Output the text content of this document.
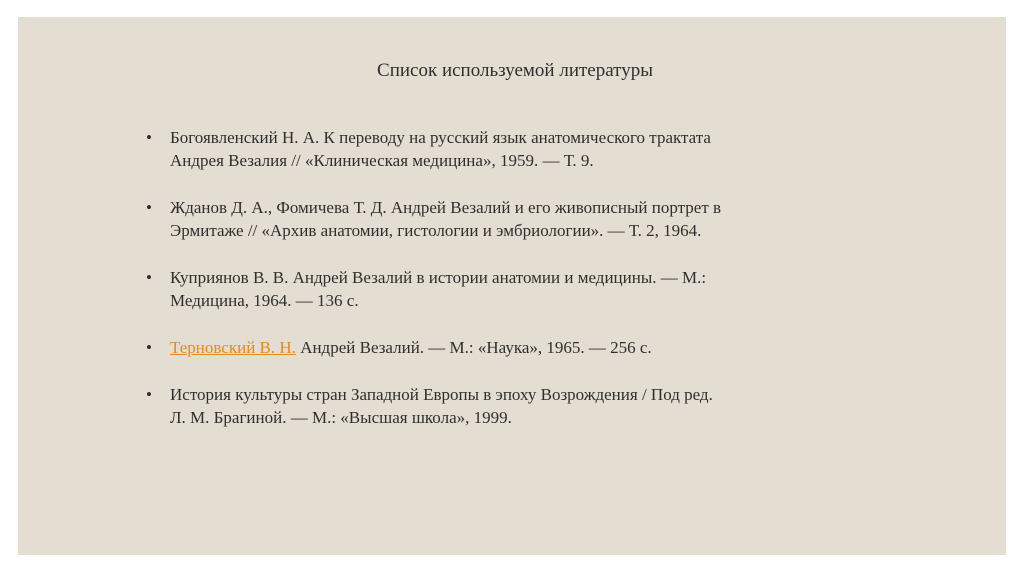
Список используемой литературы
• Богоявленский Н. А. К переводу на русский язык анатомического трактата
Андрея Везалия // «Клиническая медицина», 1959. — Т. 9.
• Жданов Д. А., Фомичева Т. Д. Андрей Везалий и его живописный портрет в
Эрмитаже // «Архив анатомии, гистологии и эмбриологии». — Т. 2, 1964.
• Куприянов В. В. Андрей Везалий в истории анатомии и медицины. — М.:
Медицина, 1964. — 136 с.
• Терновский В. Н. Андрей Везалий. — М.: «Наука», 1965. — 256 с.
• История культуры стран Западной Европы в эпоху Возрождения / Под ред.
Л. М. Брагиной. — М.: «Высшая школа», 1999.
